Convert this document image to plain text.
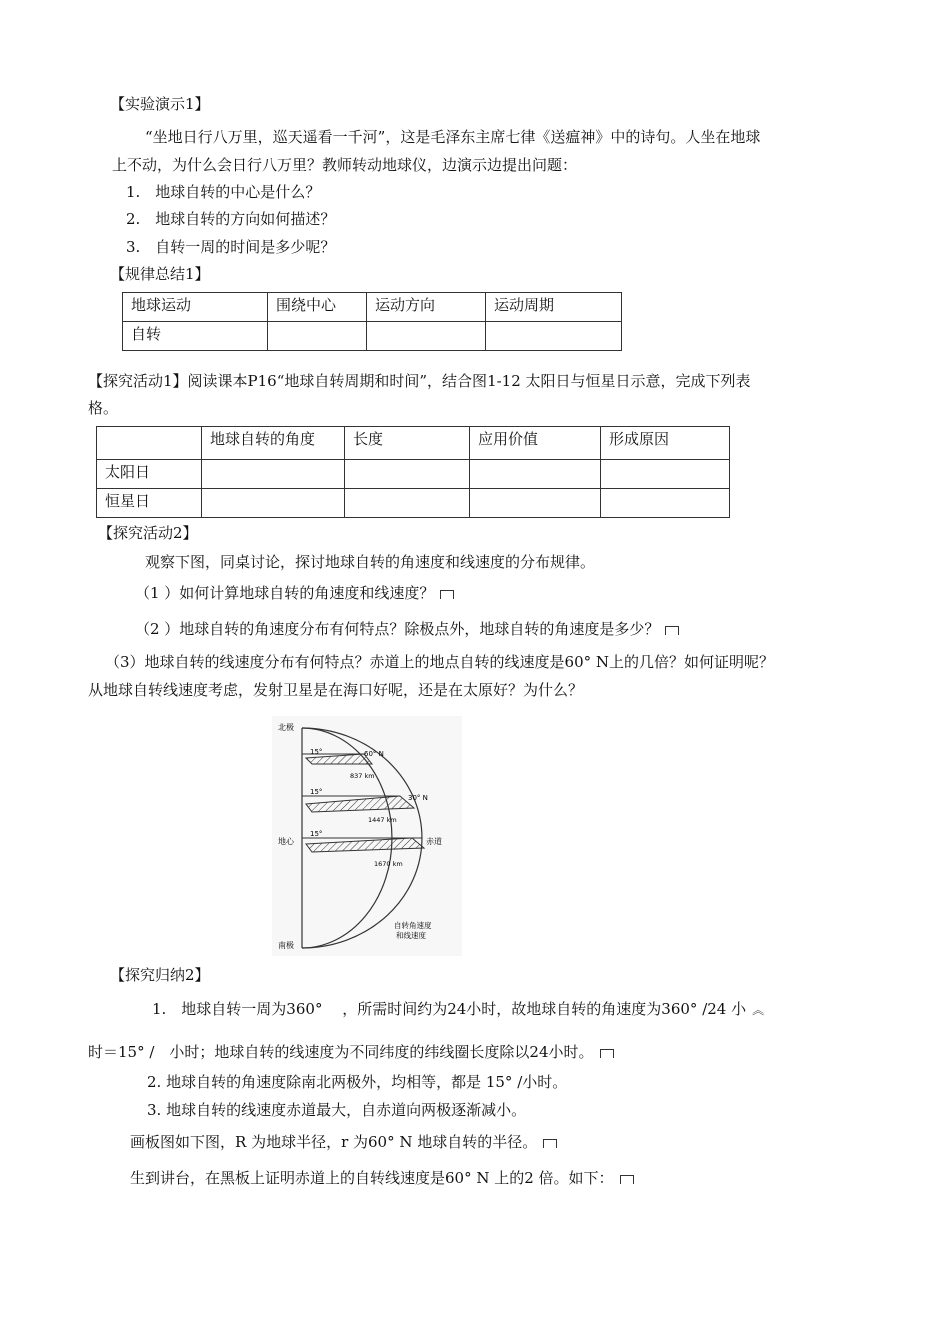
【实验演示1】
“坐地日行八万里，巡天遥看一千河”，这是毛泽东主席七律《送瘟神》中的诗句。人坐在地球
上不动，为什么会日行八万里？教师转动地球仪，边演示边提出问题：
1.　地球自转的中心是什么？
2.　地球自转的方向如何描述？
3.　自转一周的时间是多少呢？
【规律总结1】
地球运动	围绕中心	运动方向	运动周期
自转			
【探究活动1】阅读课本P16“地球自转周期和时间”，结合图1-12 太阳日与恒星日示意，完成下列表
格。
	地球自转的角度	长度	应用价值	形成原因
太阳日				
恒星日				
【探究活动2】
观察下图，同桌讨论，探讨地球自转的角速度和线速度的分布规律。
（1 ）如何计算地球自转的角速度和线速度？
（2 ）地球自转的角速度分布有何特点？除极点外，地球自转的角速度是多少？
（3）地球自转的线速度分布有何特点？赤道上的地点自转的线速度是60° N上的几倍？如何证明呢？
从地球自转线速度考虑，发射卫星是在海口好呢，还是在太原好？为什么？
北极
南极
地心	赤道
60° N
30° N
15°
15°
15°
837 km
1447 km
1670 km
自转角速度
和线速度
【探究归纳2】
1.　地球自转一周为360°　 ，所需时间约为24小时，故地球自转的角速度为360° /24 小 ︽
时＝15° /　小时；地球自转的线速度为不同纬度的纬线圈长度除以24小时。
2. 地球自转的角速度除南北两极外，均相等，都是 15° /小时。
3. 地球自转的线速度赤道最大，自赤道向两极逐渐减小。
画板图如下图，R 为地球半径，r 为60° N 地球自转的半径。
生到讲台，在黑板上证明赤道上的自转线速度是60° N 上的2 倍。如下：
